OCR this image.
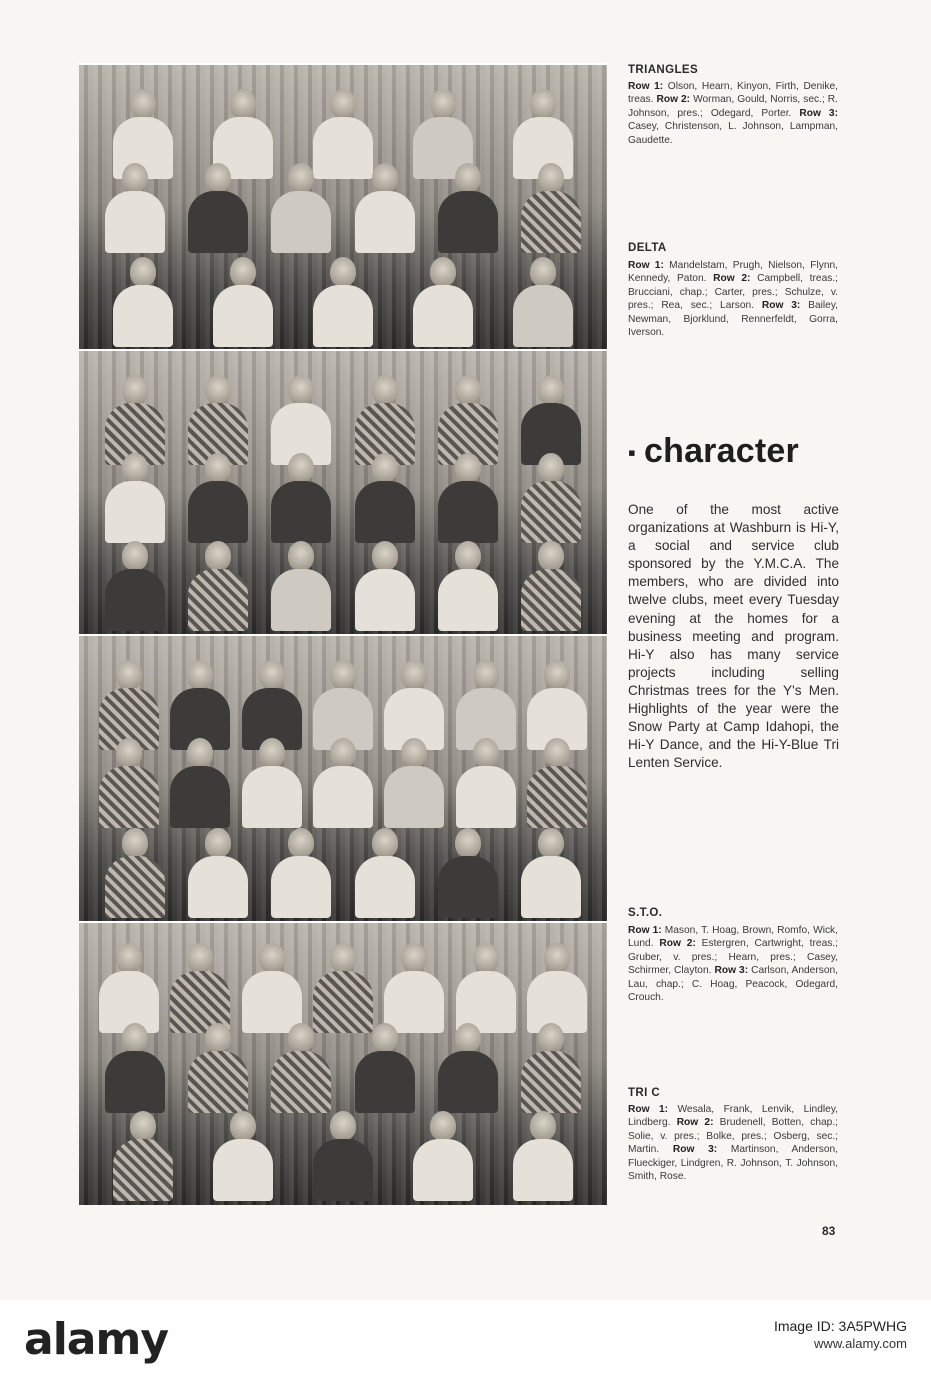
TRIANGLES
Row 1: Olson, Hearn, Kinyon, Firth, Denike, treas. Row 2: Worman, Gould, Norris, sec.; R. Johnson, pres.; Odegard, Porter. Row 3: Casey, Christenson, L. Johnson, Lampman, Gaudette.
DELTA
Row 1: Mandelstam, Prugh, Nielson, Flynn, Kennedy, Paton. Row 2: Campbell, treas.; Brucciani, chap.; Carter, pres.; Schulze, v. pres.; Rea, sec.; Larson. Row 3: Bailey, Newman, Bjorklund, Rennerfeldt, Gorra, Iverson.
▪ character
One of the most active organizations at Washburn is Hi-Y, a social and service club sponsored by the Y.M.C.A. The members, who are divided into twelve clubs, meet every Tuesday evening at the homes for a business meeting and program. Hi-Y also has many service projects including selling Christmas trees for the Y's Men. Highlights of the year were the Snow Party at Camp Idahopi, the Hi-Y Dance, and the Hi-Y-Blue Tri Lenten Service.
S.T.O.
Row 1: Mason, T. Hoag, Brown, Romfo, Wick, Lund. Row 2: Estergren, Cartwright, treas.; Gruber, v. pres.; Hearn, pres.; Casey, Schirmer, Clayton. Row 3: Carlson, Anderson, Lau, chap.; C. Hoag, Peacock, Odegard, Crouch.
TRI C
Row 1: Wesala, Frank, Lenvik, Lindley, Lindberg. Row 2: Brudenell, Botten, chap.; Solie, v. pres.; Bolke, pres.; Osberg, sec.; Martin. Row 3: Martinson, Anderson, Flueckiger, Lindgren, R. Johnson, T. Johnson, Smith, Rose.
83
alamy	Image ID: 3A5PWHG
www.alamy.com
